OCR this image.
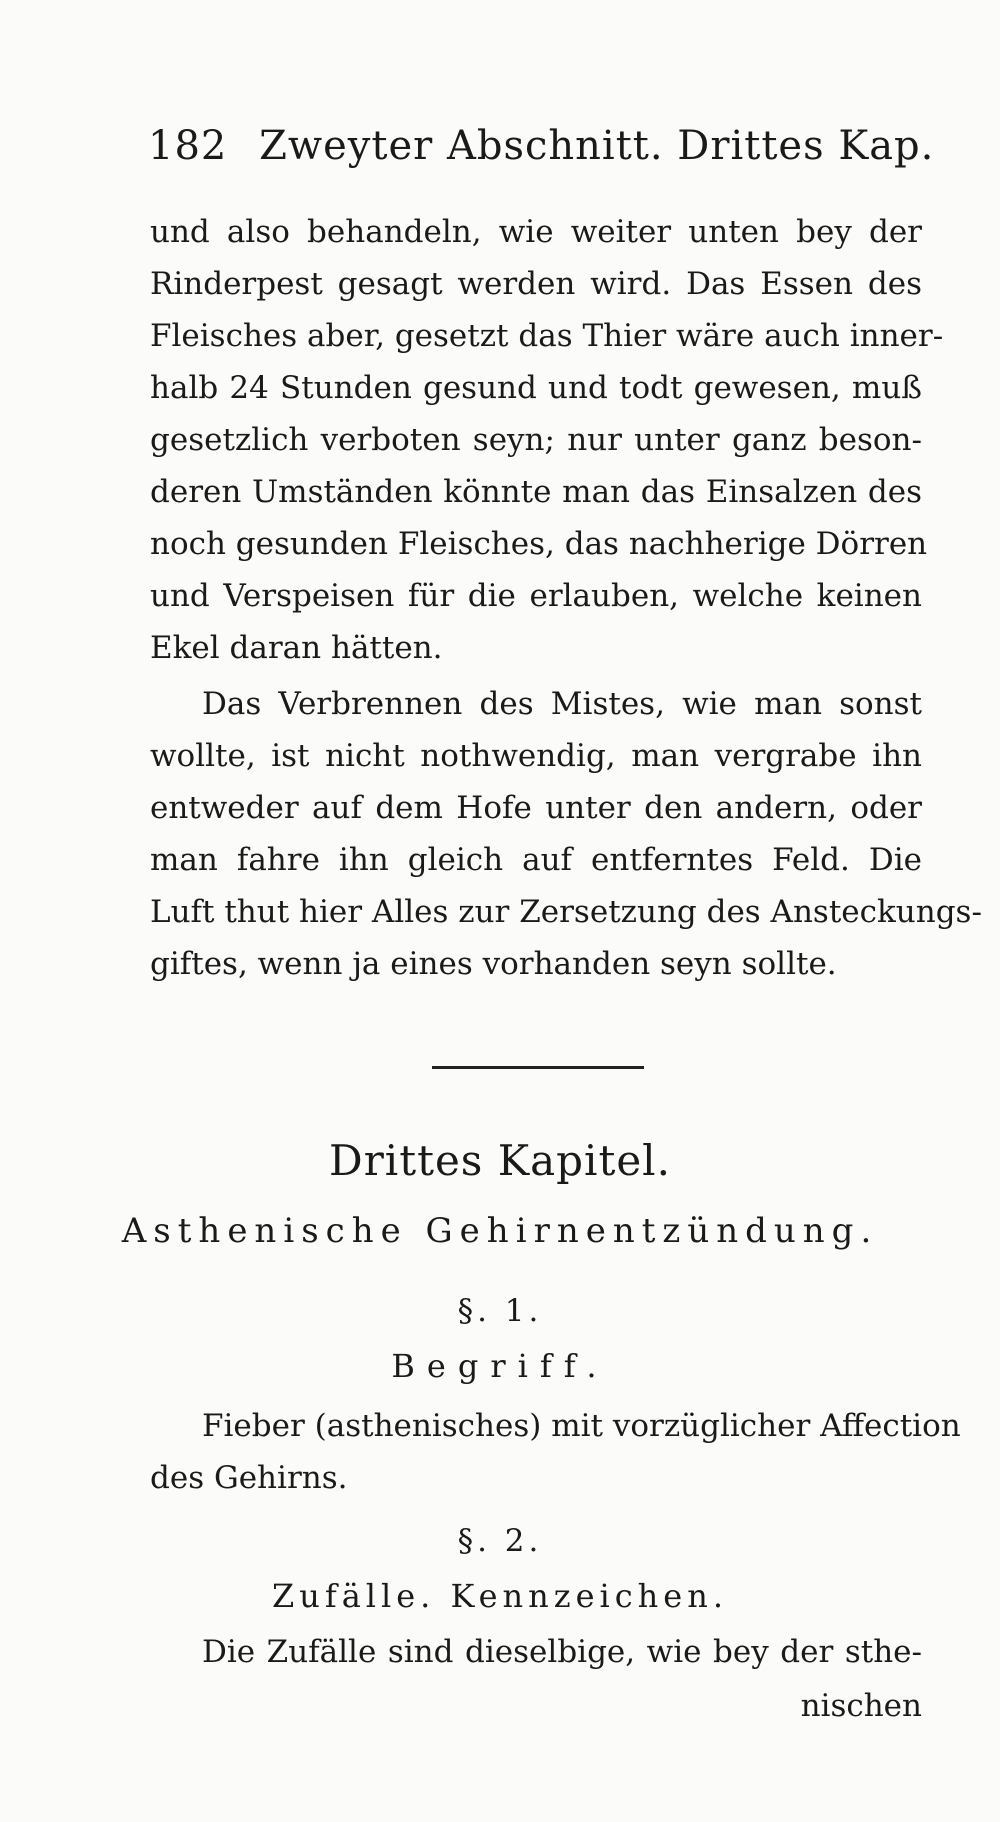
182 Zweyter Abschnitt. Drittes Kap.
und also behandeln, wie weiter unten bey der
Rinderpest gesagt werden wird. Das Essen des
Fleisches aber, gesetzt das Thier wäre auch inner-
halb 24 Stunden gesund und todt gewesen, muß
gesetzlich verboten seyn; nur unter ganz beson-
deren Umständen könnte man das Einsalzen des
noch gesunden Fleisches, das nachherige Dörren
und Verspeisen für die erlauben, welche keinen
Ekel daran hätten.
Das Verbrennen des Mistes, wie man sonst
wollte, ist nicht nothwendig, man vergrabe ihn
entweder auf dem Hofe unter den andern, oder
man fahre ihn gleich auf entferntes Feld. Die
Luft thut hier Alles zur Zersetzung des Ansteckungs-
giftes, wenn ja eines vorhanden seyn sollte.
Drittes Kapitel.
Asthenische Gehirnentzündung.
§. 1.
Begriff.
Fieber (asthenisches) mit vorzüglicher Affection
des Gehirns.
§. 2.
Zufälle. Kennzeichen.
Die Zufälle sind dieselbige, wie bey der sthe-
nischen
